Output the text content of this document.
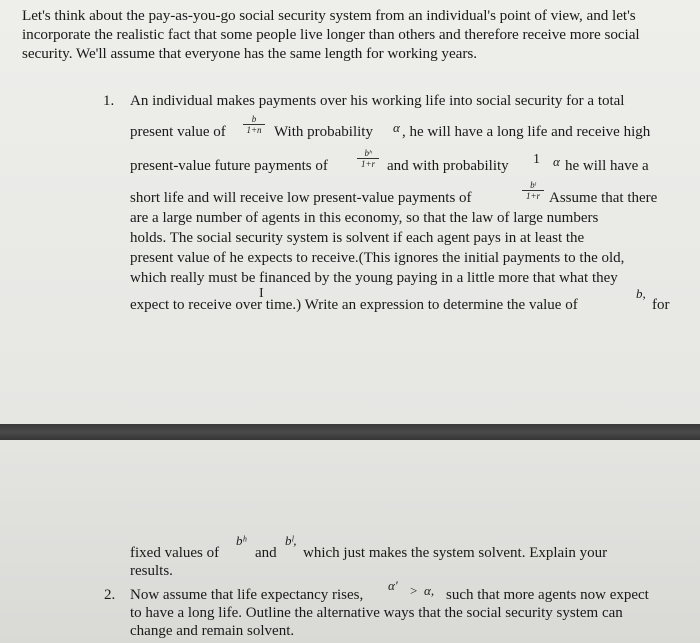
Let's think about the pay-as-you-go social security system from an individual's point of view, and let's incorporate the realistic fact that some people live longer than others and therefore receive more social security. We'll assume that everyone has the same length for working years.
1. An individual makes payments over his working life into social security for a total
present value of
b
1+n With probability α , he will have a long life and receive high
present-value future payments of
bʰ
1+r and with probability 1 α he will have a
short life and will receive low present-value payments of
bˡ
1+r Assume that there
are a large number of agents in this economy, so that the law of large numbers
holds. The social security system is solvent if each agent pays in at least the
present value of he expects to receive.(This ignores the initial payments to the old,
which really must be financed by the young paying in a little more that what they
I
expect to receive over time.) Write an expression to determine the value of
b,
for
fixed values of
bʰ
and
bˡ,
which just makes the system solvent. Explain your
results.
2. Now assume that life expectancy rises,
α′ > α, such that more agents now expect
to have a long life. Outline the alternative ways that the social security system can
change and remain solvent.
